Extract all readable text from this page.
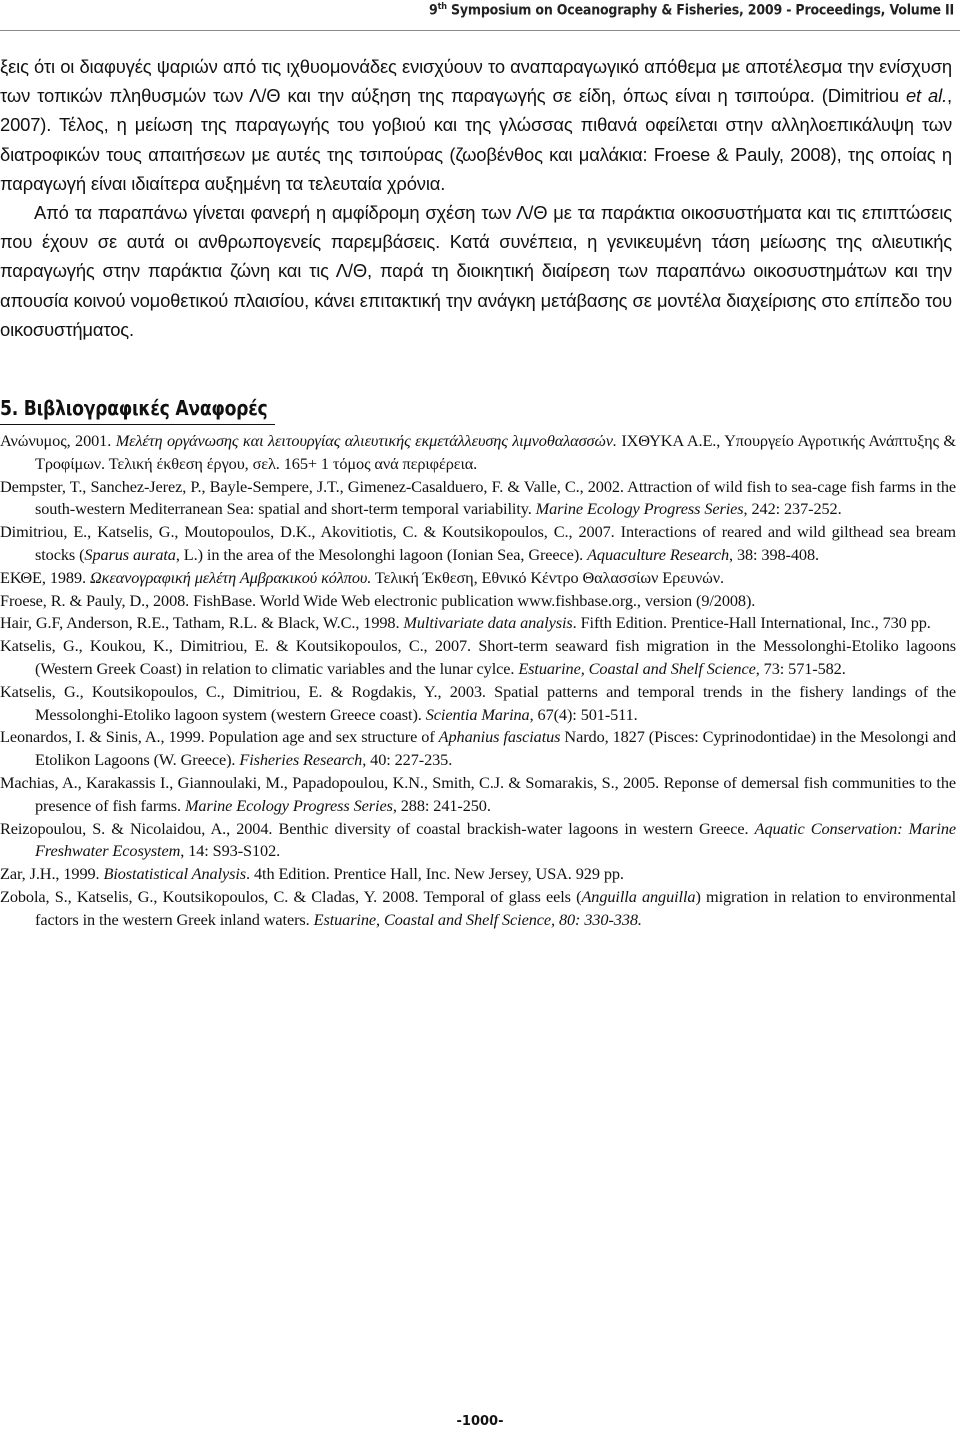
9th Symposium on Oceanography & Fisheries, 2009 - Proceedings, Volume II

ξεις ότι οι διαφυγές ψαριών από τις ιχθυομονάδες ενισχύουν το αναπαραγωγικό απόθεμα με αποτέλεσμα την ενίσχυση των τοπικών πληθυσμών των Λ/Θ και την αύξηση της παραγωγής σε είδη, όπως είναι η τσιπούρα. (Dimitriou et al., 2007). Τέλος, η μείωση της παραγωγής του γοβιού και της γλώσσας πιθανά οφείλεται στην αλληλοεπικάλυψη των διατροφικών τους απαιτήσεων με αυτές της τσιπούρας (ζωοβένθος και μαλάκια: Froese & Pauly, 2008), της οποίας η παραγωγή είναι ιδιαίτερα αυξημένη τα τελευταία χρόνια.

Από τα παραπάνω γίνεται φανερή η αμφίδρομη σχέση των Λ/Θ με τα παράκτια οικοσυστήματα και τις επιπτώσεις που έχουν σε αυτά οι ανθρωπογενείς παρεμβάσεις. Κατά συνέπεια, η γενικευμένη τάση μείωσης της αλιευτικής παραγωγής στην παράκτια ζώνη και τις Λ/Θ, παρά τη διοικητική διαίρεση των παραπάνω οικοσυστημάτων και την απουσία κοινού νομοθετικού πλαισίου, κάνει επιτακτική την ανάγκη μετάβασης σε μοντέλα διαχείρισης στο επίπεδο του οικοσυστήματος.

5. Βιβλιογραφικές Αναφορές

Ανώνυμος, 2001. Μελέτη οργάνωσης και λειτουργίας αλιευτικής εκμετάλλευσης λιμνοθαλασσών. ΙΧΘΥΚΑ Α.Ε., Υπουργείο Αγροτικής Ανάπτυξης & Τροφίμων. Τελική έκθεση έργου, σελ. 165+ 1 τόμος ανά περιφέρεια.

Dempster, T., Sanchez-Jerez, P., Bayle-Sempere, J.T., Gimenez-Casalduero, F. & Valle, C., 2002. Attraction of wild fish to sea-cage fish farms in the south-western Mediterranean Sea: spatial and short-term temporal variability. Marine Ecology Progress Series, 242: 237-252.

Dimitriou, E., Katselis, G., Moutopoulos, D.K., Akovitiotis, C. & Koutsikopoulos, C., 2007. Interactions of reared and wild gilthead sea bream stocks (Sparus aurata, L.) in the area of the Mesolonghi lagoon (Ionian Sea, Greece). Aquaculture Research, 38: 398-408.

ΕΚΘΕ, 1989. Ωκεανογραφική μελέτη Αμβρακικού κόλπου. Τελική Έκθεση, Εθνικό Κέντρο Θαλασσίων Ερευνών.

Froese, R. & Pauly, D., 2008. FishBase. World Wide Web electronic publication www.fishbase.org., version (9/2008).

Hair, G.F, Anderson, R.E., Tatham, R.L. & Black, W.C., 1998. Multivariate data analysis. Fifth Edition. Prentice-Hall International, Inc., 730 pp.

Katselis, G., Koukou, K., Dimitriou, E. & Koutsikopoulos, C., 2007. Short-term seaward fish migration in the Messolonghi-Etoliko lagoons (Western Greek Coast) in relation to climatic variables and the lunar cylce. Estuarine, Coastal and Shelf Science, 73: 571-582.

Katselis, G., Koutsikopoulos, C., Dimitriou, E. & Rogdakis, Y., 2003. Spatial patterns and temporal trends in the fishery landings of the Messolonghi-Etoliko lagoon system (western Greece coast). Scientia Marina, 67(4): 501-511.

Leonardos, I. & Sinis, A., 1999. Population age and sex structure of Aphanius fasciatus Nardo, 1827 (Pisces: Cyprinodontidae) in the Mesolongi and Etolikon Lagoons (W. Greece). Fisheries Research, 40: 227-235.

Machias, A., Karakassis I., Giannoulaki, M., Papadopoulou, K.N., Smith, C.J. & Somarakis, S., 2005. Reponse of demersal fish communities to the presence of fish farms. Marine Ecology Progress Series, 288: 241-250.

Reizopoulou, S. & Nicolaidou, A., 2004. Benthic diversity of coastal brackish-water lagoons in western Greece. Aquatic Conservation: Marine Freshwater Ecosystem, 14: S93-S102.

Zar, J.H., 1999. Biostatistical Analysis. 4th Edition. Prentice Hall, Inc. New Jersey, USA. 929 pp.

Zobola, S., Katselis, G., Koutsikopoulos, C. & Cladas, Y. 2008. Temporal of glass eels (Anguilla anguilla) migration in relation to environmental factors in the western Greek inland waters. Estuarine, Coastal and Shelf Science, 80: 330-338.

-1000-
